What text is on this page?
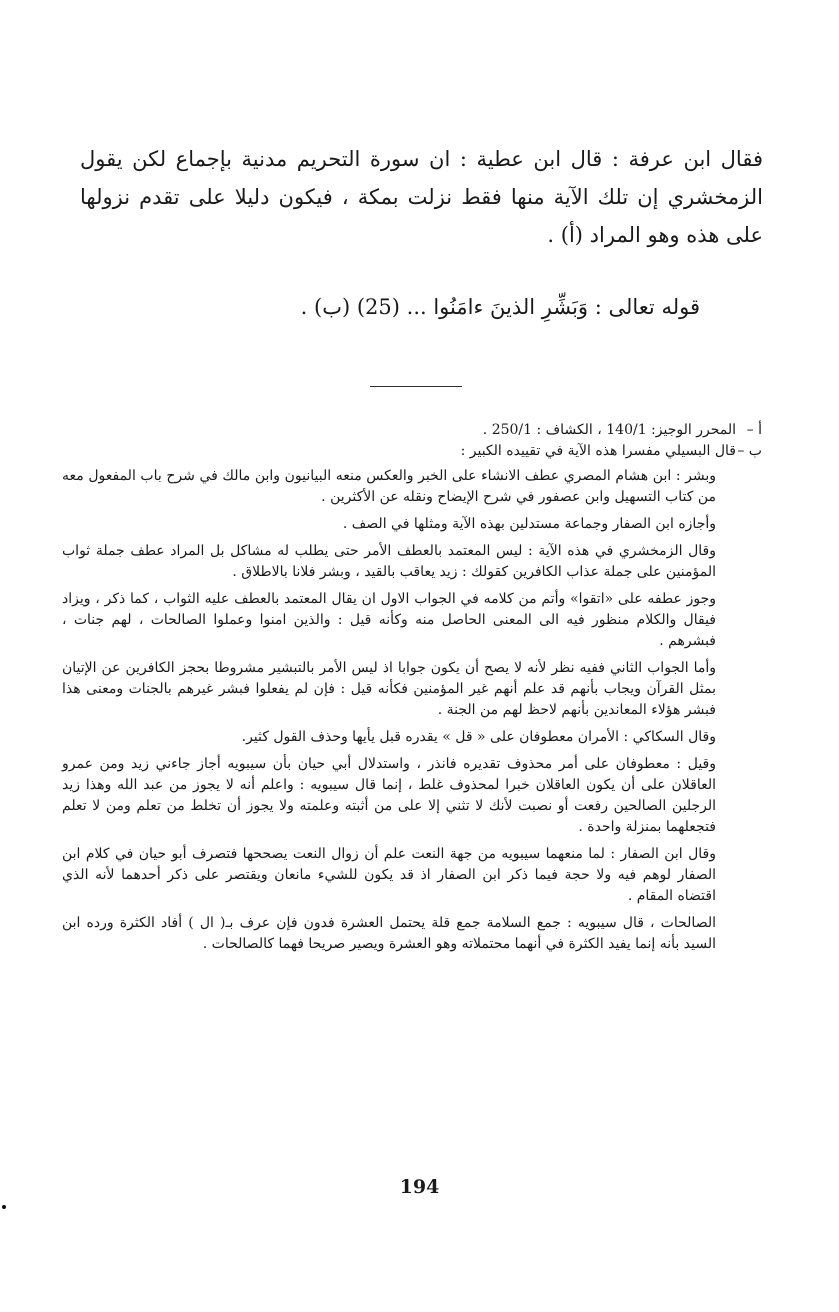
فقال ابن عرفة : قال ابن عطية : ان سورة التحريم مدنية بإجماع لكن يقول الزمخشري إن تلك الآية منها فقط نزلت بمكة ، فيكون دليلا على تقدم نزولها على هذه وهو المراد (أ) .

قوله تعالى : وَبَشِّرِ الذينَ ءامَنُوا ... (25) (ب) .
أ –

المحرر الوجيز: 140/1 ، الكشاف : 250/1 .

ب –

قال البسيلي مفسرا هذه الآية في تقييده الكبير :

وبشر : ابن هشام المصري عطف الانشاء على الخبر والعكس منعه البيانيون وابن مالك في شرح باب المفعول معه من كتاب التسهيل وابن عصفور في شرح الإيضاح ونقله عن الأكثرين .

وأجازه ابن الصفار وجماعة مستدلين بهذه الآية ومثلها في الصف .

وقال الزمخشري في هذه الآية : ليس المعتمد بالعطف الأمر حتى يطلب له مشاكل بل المراد عطف جملة ثواب المؤمنين على جملة عذاب الكافرين كقولك : زيد يعاقب بالقيد ، وبشر فلانا بالاطلاق .

وجوز عطفه على «اتقوا» وأتم من كلامه في الجواب الاول ان يقال المعتمد بالعطف عليه الثواب ، كما ذكر ، ويزاد فيقال والكلام منظور فيه الى المعنى الحاصل منه وكأنه قيل : والذين امنوا وعملوا الصالحات ، لهم جنات ، فبشرهم .

وأما الجواب الثاني ففيه نظر لأنه لا يصح أن يكون جوابا اذ ليس الأمر بالتبشير مشروطا بحجز الكافرين عن الإتيان بمثل القرآن ويجاب بأنهم قد علم أنهم غير المؤمنين فكأنه قيل : فإن لم يفعلوا فبشر غيرهم بالجنات ومعنى هذا فبشر هؤلاء المعاندين بأنهم لاحظ لهم من الجنة .

وقال السكاكي : الأمران معطوفان على « قل » يقدره قبل يأيها وحذف القول كثير.

وقيل : معطوفان على أمر محذوف تقديره فانذر ، واستدلال أبي حيان بأن سيبويه أجاز جاءني زيد ومن عمرو العاقلان على أن يكون العاقلان خبرا لمحذوف غلط ، إنما قال سيبويه : واعلم أنه لا يجوز من عبد الله وهذا زيد الرجلين الصالحين رفعت أو نصبت لأنك لا تثني إلا على من أثبته وعلمته ولا يجوز أن تخلط من تعلم ومن لا تعلم فتجعلهما بمنزلة واحدة .

وقال ابن الصفار : لما منعهما سيبويه من جهة النعت علم أن زوال النعت يصححها فتصرف أبو حيان في كلام ابن الصفار لوهم فيه ولا حجة فيما ذكر ابن الصفار اذ قد يكون للشيء مانعان ويقتصر على ذكر أحدهما لأنه الذي اقتضاه المقام .

الصالحات ، قال سيبويه : جمع السلامة جمع قلة يحتمل العشرة فدون فإن عرف بـ( ال ) أفاد الكثرة ورده ابن السيد بأنه إنما يفيد الكثرة في أنهما محتملاته وهو العشرة ويصير صريحا فهما كالصالحات .

194
